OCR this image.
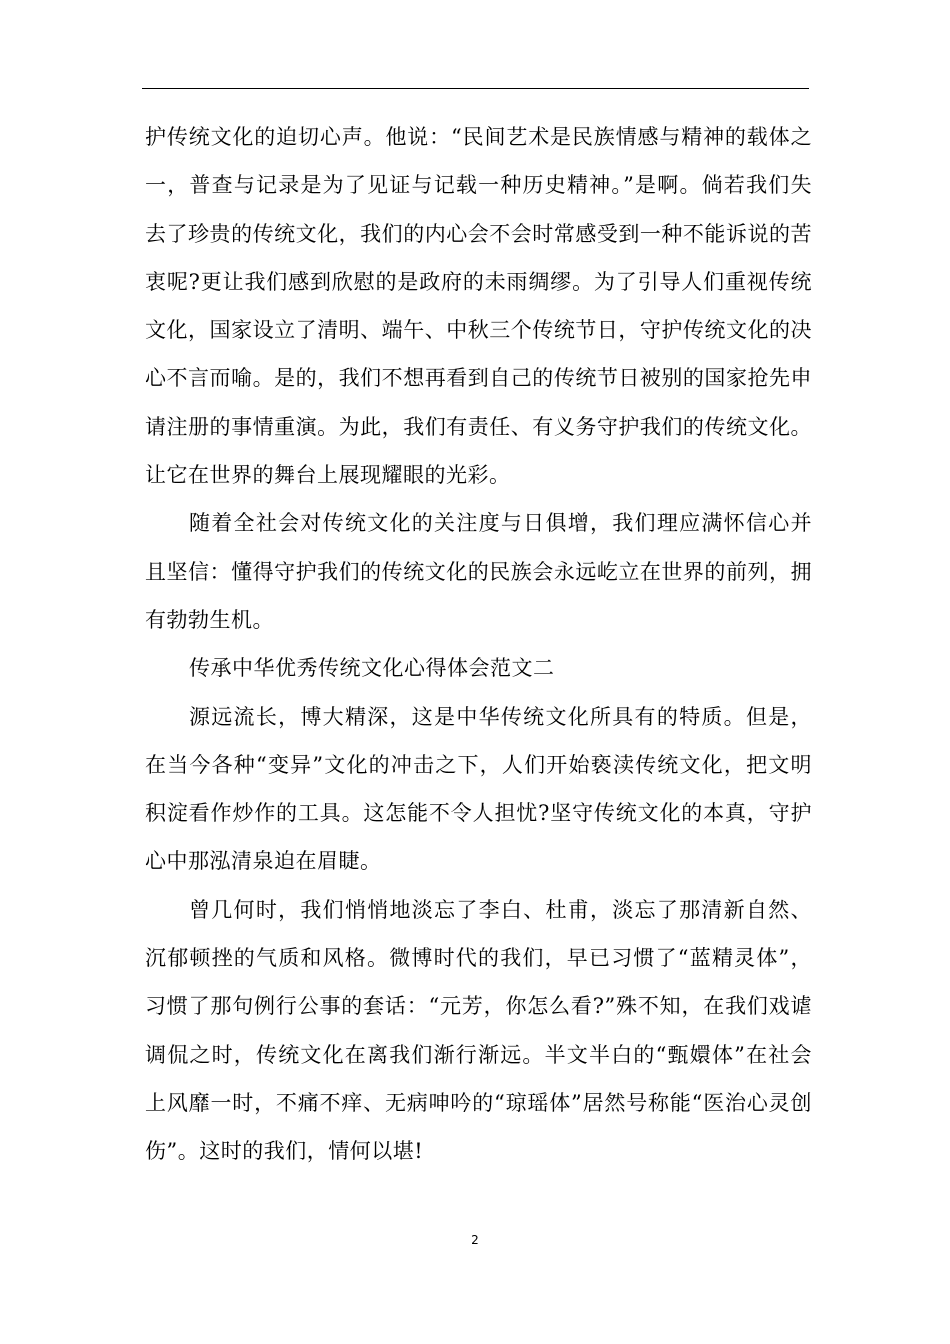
护传统文化的迫切心声。他说：“民间艺术是民族情感与精神的载体之一，普查与记录是为了见证与记载一种历史精神。”是啊。倘若我们失去了珍贵的传统文化，我们的内心会不会时常感受到一种不能诉说的苦衷呢?更让我们感到欣慰的是政府的未雨绸缪。为了引导人们重视传统文化，国家设立了清明、端午、中秋三个传统节日，守护传统文化的决心不言而喻。是的，我们不想再看到自己的传统节日被别的国家抢先申请注册的事情重演。为此，我们有责任、有义务守护我们的传统文化。让它在世界的舞台上展现耀眼的光彩。

随着全社会对传统文化的关注度与日俱增，我们理应满怀信心并且坚信：懂得守护我们的传统文化的民族会永远屹立在世界的前列，拥有勃勃生机。

传承中华优秀传统文化心得体会范文二

源远流长，博大精深，这是中华传统文化所具有的特质。但是，在当今各种“变异”文化的冲击之下，人们开始亵渎传统文化，把文明积淀看作炒作的工具。这怎能不令人担忧?坚守传统文化的本真，守护心中那泓清泉迫在眉睫。

曾几何时，我们悄悄地淡忘了李白、杜甫，淡忘了那清新自然、沉郁顿挫的气质和风格。微博时代的我们，早已习惯了“蓝精灵体”，习惯了那句例行公事的套话：“元芳，你怎么看?”殊不知，在我们戏谑调侃之时，传统文化在离我们渐行渐远。半文半白的“甄嬛体”在社会上风靡一时，不痛不痒、无病呻吟的“琼瑶体”居然号称能“医治心灵创伤”。这时的我们，情何以堪!

2
